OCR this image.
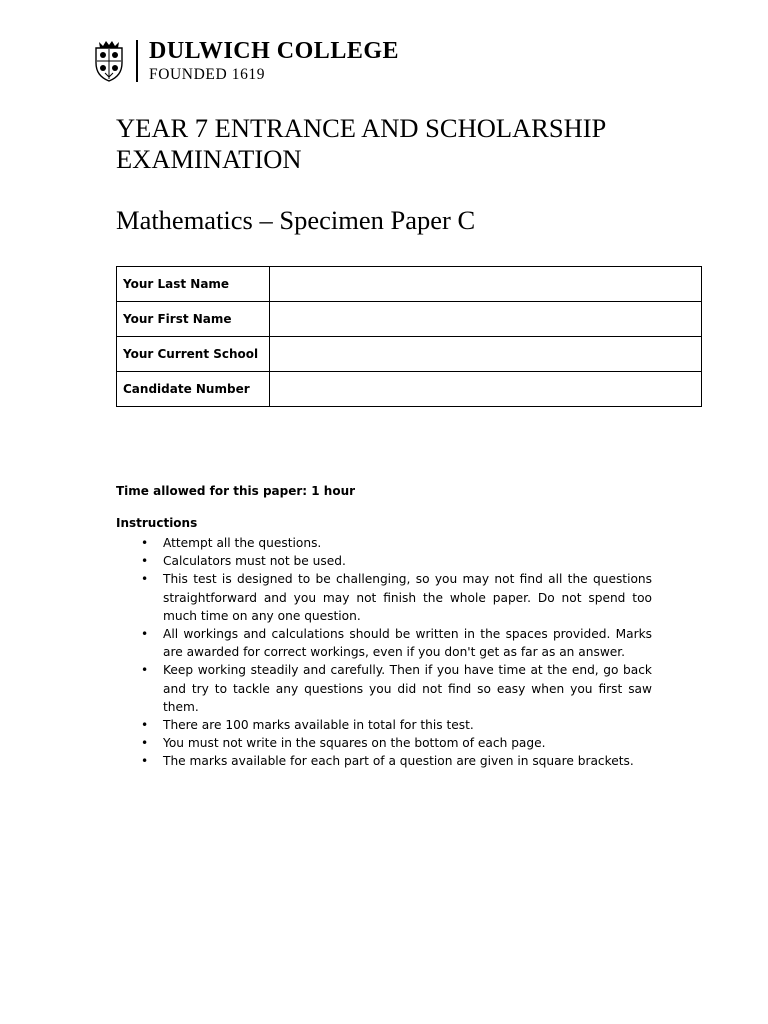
DULWICH COLLEGE
FOUNDED 1619
YEAR 7 ENTRANCE AND SCHOLARSHIP EXAMINATION
Mathematics – Specimen Paper C
Your Last Name	
Your First Name	
Your Current School	
Candidate Number	
Time allowed for this paper: 1 hour
Instructions
• Attempt all the questions.
• Calculators must not be used.
• This test is designed to be challenging, so you may not find all the questions straightforward and you may not finish the whole paper. Do not spend too much time on any one question.
• All workings and calculations should be written in the spaces provided. Marks are awarded for correct workings, even if you don't get as far as an answer.
• Keep working steadily and carefully. Then if you have time at the end, go back and try to tackle any questions you did not find so easy when you first saw them.
• There are 100 marks available in total for this test.
• You must not write in the squares on the bottom of each page.
• The marks available for each part of a question are given in square brackets.
